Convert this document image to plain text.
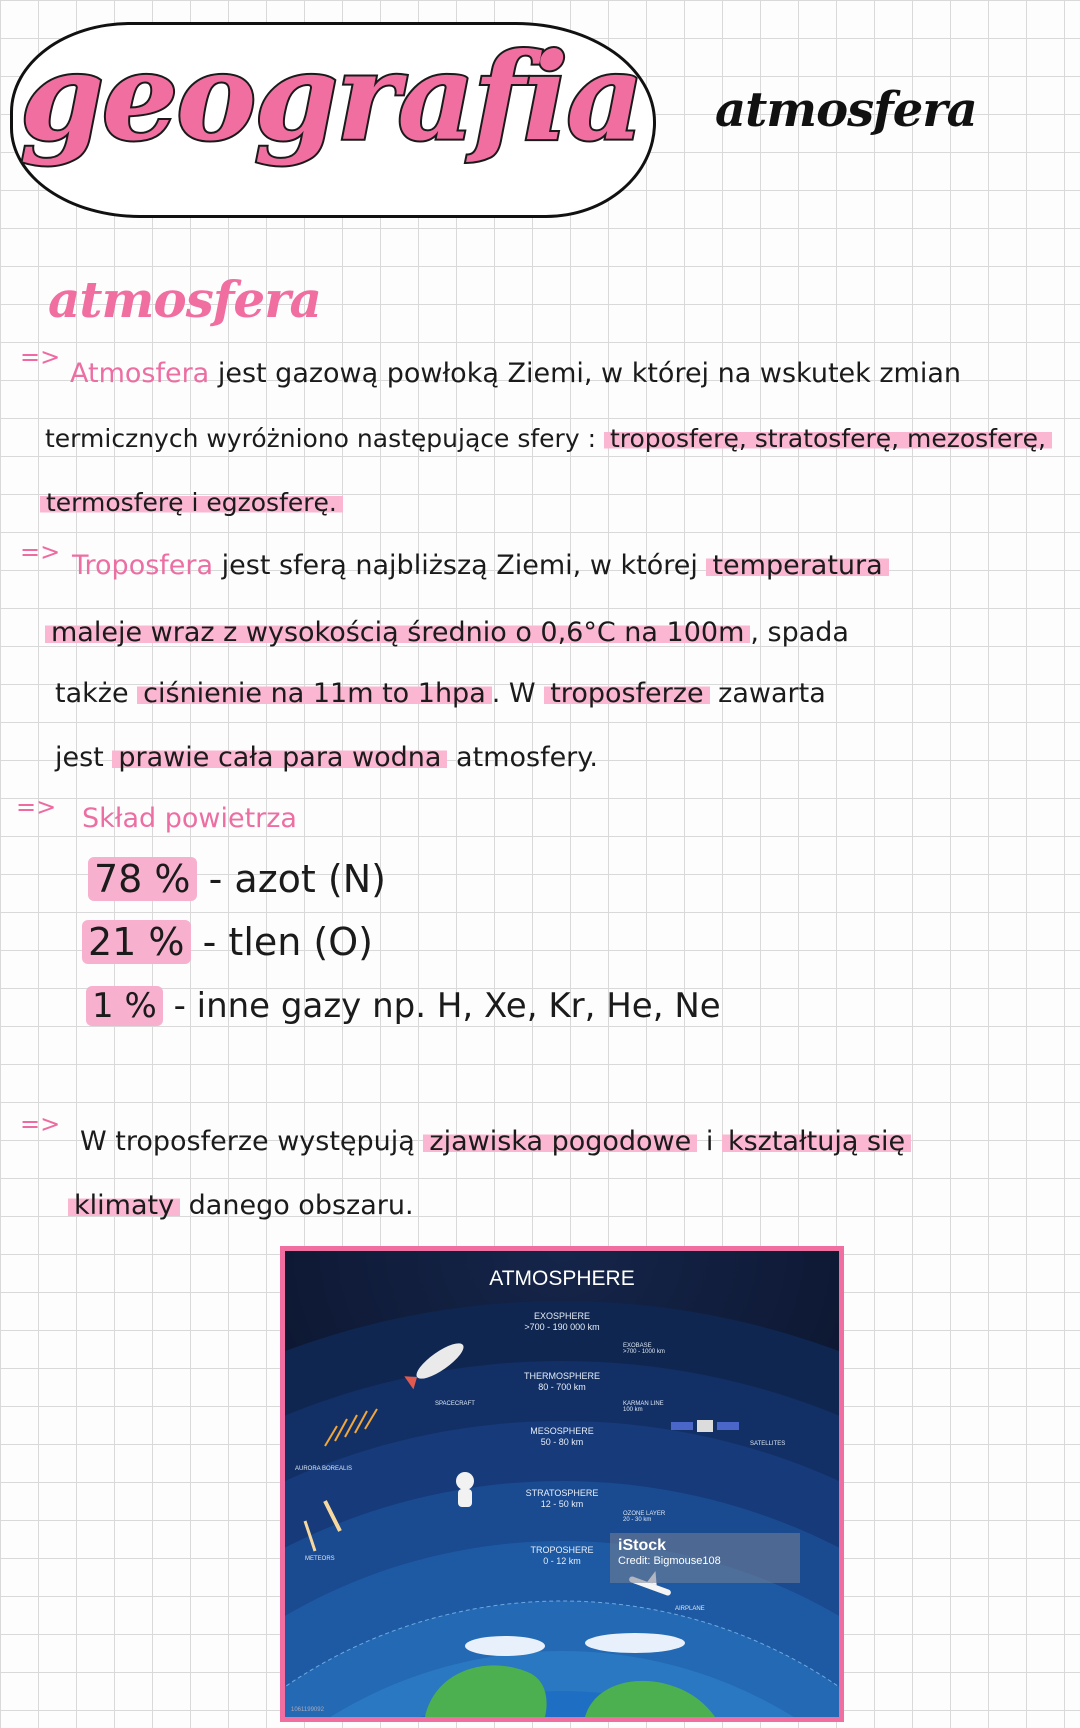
geografia atmosfera
atmosfera
=>
Atmosfera jest gazową powłoką Ziemi, w której na wskutek zmian
termicznych wyróżniono następujące sfery : troposferę, stratosferę, mezosferę,
termosferę i egzosferę.
=> Troposfera jest sferą najbliższą Ziemi, w której temperatura
maleje wraz z wysokością średnio o 0,6°C na 100m , spada
także ciśnienie na 11m to 1hpa . W troposferze zawarta
jest prawie cała para wodna atmosfery.
=> Skład powietrza
78 % - azot (N)
21 % - tlen (O)
1 % - inne gazy np. H, Xe, Kr, He, Ne
=>
W troposferze występują zjawiska pogodowe i kształtują się
klimaty danego obszaru.
ATMOSPHERE
EXOSPHERE
>700 - 190 000 km
THERMOSPHERE
80 - 700 km
MESOSPHERE
50 - 80 km
STRATOSPHERE
12 - 50 km
TROPOSHERE
0 - 12 km
EXOBASE
>700 - 1000 km
KARMAN LINE
100 km
OZONE LAYER
20 - 30 km
SPACECRAFT
SATELLITES
AURORA BOREALIS
METEORS
AIRPLANE
iStock
Credit: Bigmouse108
1061199092
